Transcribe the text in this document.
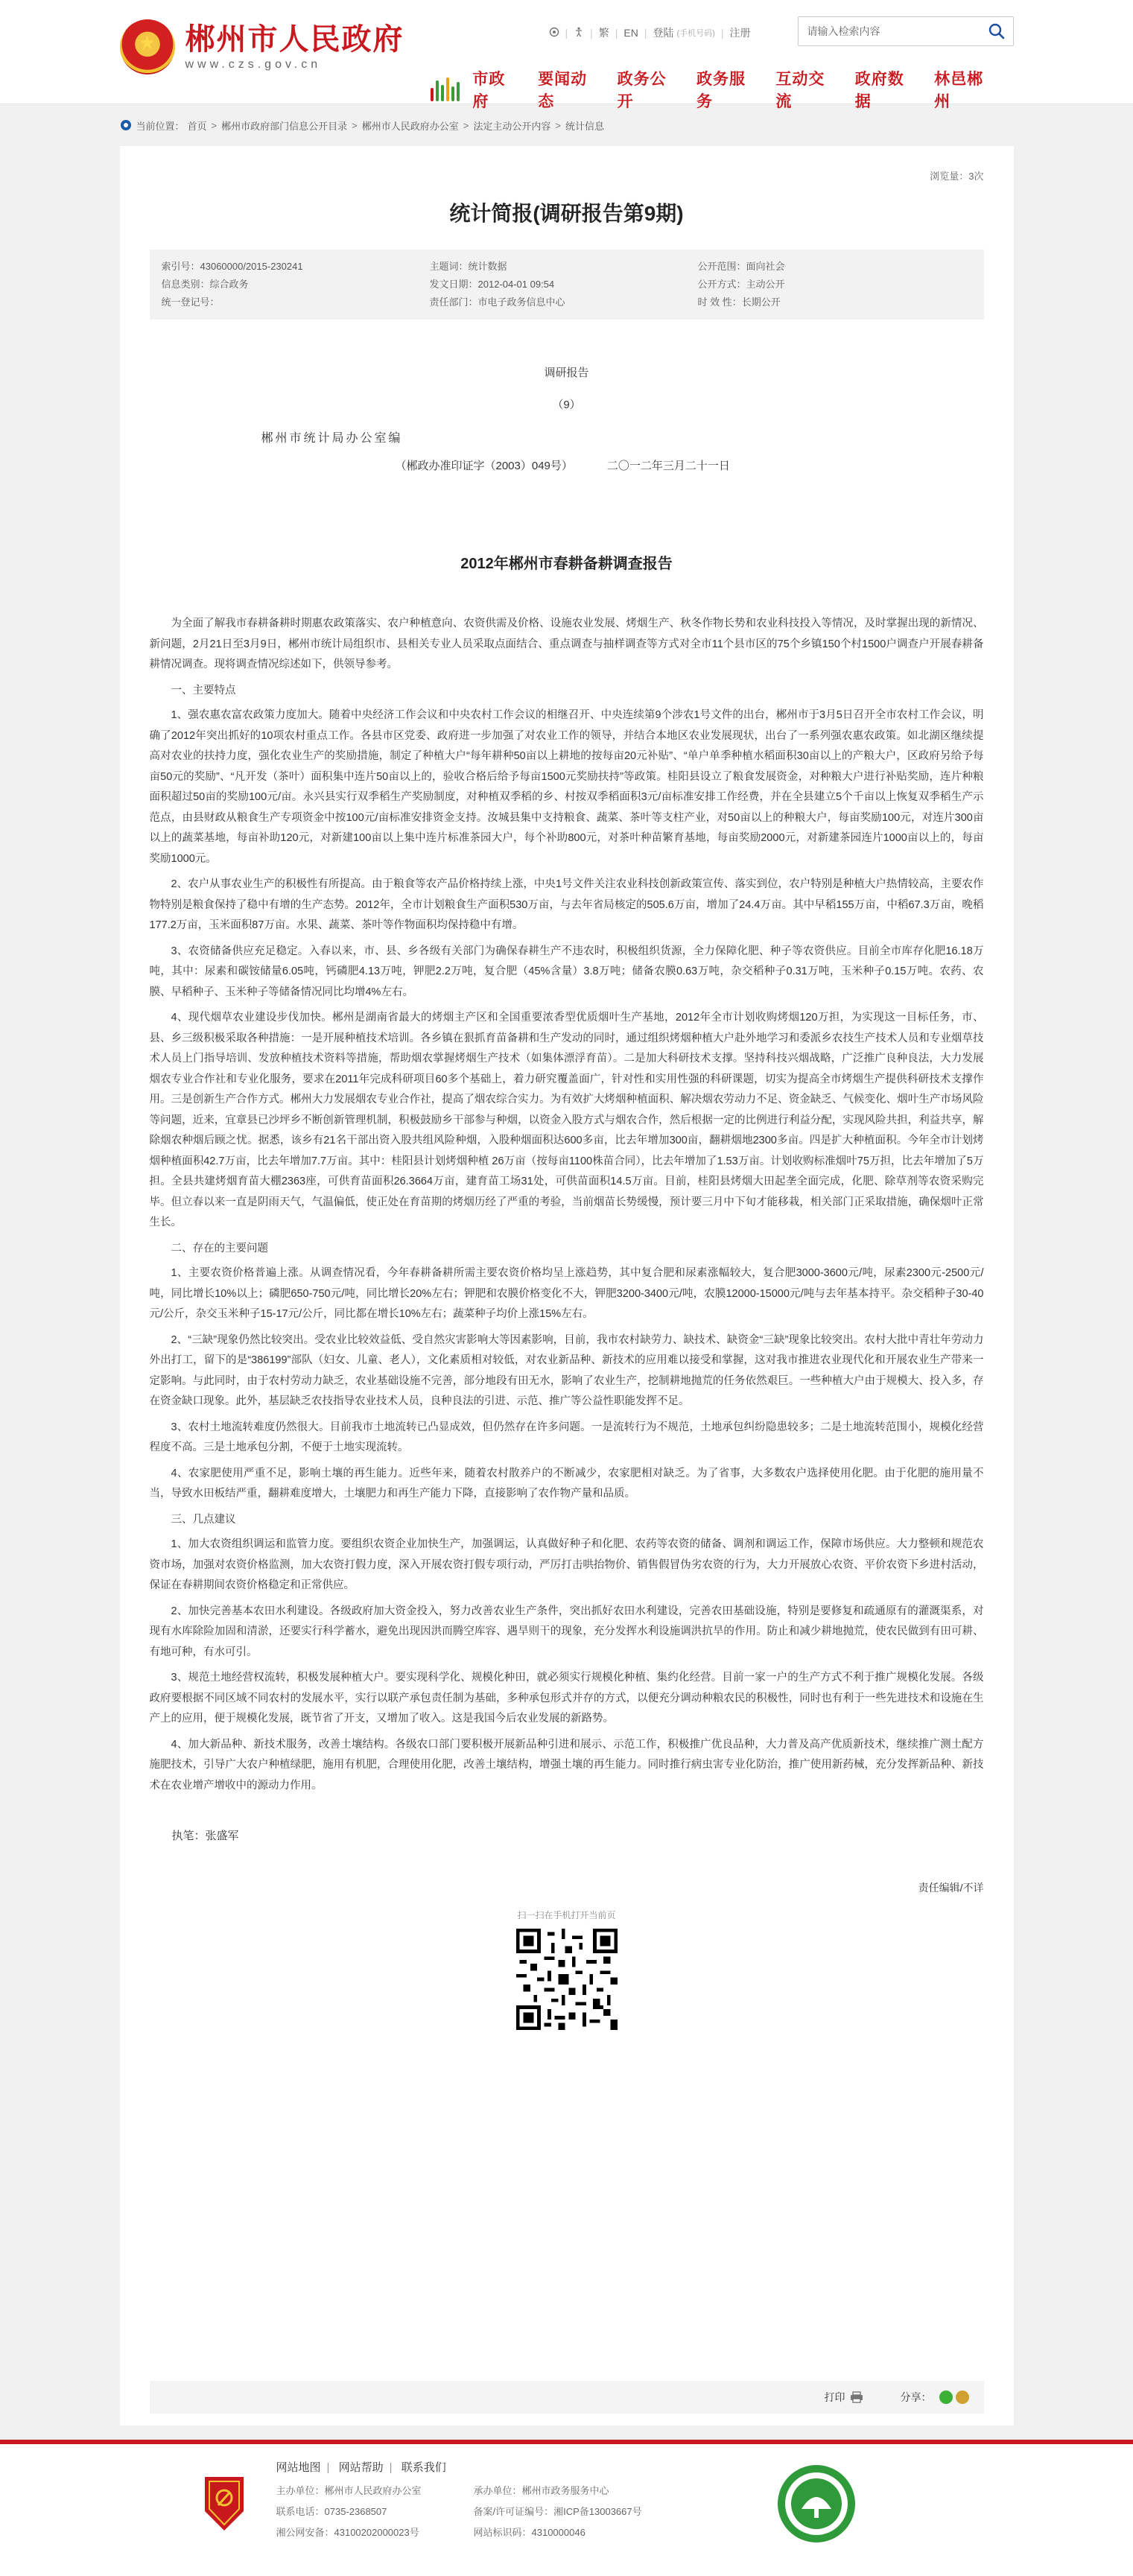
★
郴州市人民政府
www.czs.gov.cn
| | 繁 | EN | 登陆 (手机号码) | 注册
请输入检索内容
市政府
要闻动态
政务公开
政务服务
互动交流
政府数据
林邑郴州
当前位置： 首页 > 郴州市政府部门信息公开目录 > 郴州市人民政府办公室 > 法定主动公开内容 > 统计信息
浏览量：3次
统计简报(调研报告第9期)
索引号：43060000/2015-230241	主题词：统计数据	公开范围：面向社会
信息类别：综合政务	发文日期：2012-04-01 09:54	公开方式：主动公开
统一登记号：	责任部门：市电子政务信息中心	时 效 性：长期公开
调研报告
（9）
郴州市统计局办公室编
（郴政办准印证字（2003）049号）	二〇一二年三月二十一日
2012年郴州市春耕备耕调查报告

为全面了解我市春耕备耕时期惠农政策落实、农户种植意向、农资供需及价格、设施农业发展、烤烟生产、秋冬作物长势和农业科技投入等情况，及时掌握出现的新情况、新问题，2月21日至3月9日，郴州市统计局组织市、县相关专业人员采取点面结合、重点调查与抽样调查等方式对全市11个县市区的75个乡镇150个村1500户调查户开展春耕备耕情况调查。现将调查情况综述如下，供领导参考。

一、主要特点

1、强农惠农富农政策力度加大。随着中央经济工作会议和中央农村工作会议的相继召开、中央连续第9个涉农1号文件的出台，郴州市于3月5日召开全市农村工作会议，明确了2012年突出抓好的10项农村重点工作。各县市区党委、政府进一步加强了对农业工作的领导，并结合本地区农业发展现状，出台了一系列强农惠农政策。如北湖区继续提高对农业的扶持力度，强化农业生产的奖励措施，制定了种植大户“每年耕种50亩以上耕地的按每亩20元补贴”、“单户单季种植水稻面积30亩以上的产粮大户，区政府另给予每亩50元的奖励”、“凡开发（茶叶）面积集中连片50亩以上的，验收合格后给予每亩1500元奖励扶持”等政策。桂阳县设立了粮食发展资金，对种粮大户进行补贴奖励，连片种粮面积超过50亩的奖励100元/亩。永兴县实行双季稻生产奖励制度，对种植双季稻的乡、村按双季稻面积3元/亩标准安排工作经费，并在全县建立5个千亩以上恢复双季稻生产示范点，由县财政从粮食生产专项资金中按100元/亩标准安排资金支持。汝城县集中支持粮食、蔬菜、茶叶等支柱产业，对50亩以上的种粮大户，每亩奖励100元，对连片300亩以上的蔬菜基地，每亩补助120元，对新建100亩以上集中连片标准茶园大户，每个补助800元，对茶叶种苗繁育基地，每亩奖励2000元，对新建茶园连片1000亩以上的，每亩奖励1000元。

2、农户从事农业生产的积极性有所提高。由于粮食等农产品价格持续上涨，中央1号文件关注农业科技创新政策宣传、落实到位，农户特别是种植大户热情较高，主要农作物特别是粮食保持了稳中有增的生产态势。2012年，全市计划粮食生产面积530万亩，与去年省局核定的505.6万亩，增加了24.4万亩。其中早稻155万亩，中稻67.3万亩，晚稻177.2万亩，玉米面积87万亩。水果、蔬菜、茶叶等作物面积均保持稳中有增。

3、农资储备供应充足稳定。入春以来，市、县、乡各级有关部门为确保春耕生产不违农时，积极组织货源，全力保障化肥、种子等农资供应。目前全市库存化肥16.18万吨，其中：尿素和碳铵储量6.05吨，钙磷肥4.13万吨，钾肥2.2万吨，复合肥（45%含量）3.8万吨；储备农膜0.63万吨，杂交稻种子0.31万吨，玉米种子0.15万吨。农药、农膜、早稻种子、玉米种子等储备情况同比均增4%左右。

4、现代烟草农业建设步伐加快。郴州是湖南省最大的烤烟主产区和全国重要浓香型优质烟叶生产基地，2012年全市计划收购烤烟120万担，为实现这一目标任务，市、县、乡三级积极采取各种措施：一是开展种植技术培训。各乡镇在狠抓育苗备耕和生产发动的同时，通过组织烤烟种植大户赴外地学习和委派乡农技生产技术人员和专业烟草技术人员上门指导培训、发放种植技术资料等措施，帮助烟农掌握烤烟生产技术（如集体漂浮育苗）。二是加大科研技术支撑。坚持科技兴烟战略，广泛推广良种良法，大力发展烟农专业合作社和专业化服务，要求在2011年完成科研项目60多个基础上，着力研究覆盖面广，针对性和实用性强的科研课题，切实为提高全市烤烟生产提供科研技术支撑作用。三是创新生产合作方式。郴州大力发展烟农专业合作社，提高了烟农综合实力。为有效扩大烤烟种植面积、解决烟农劳动力不足、资金缺乏、气候变化、烟叶生产市场风险等问题，近来，宜章县已沙坪乡不断创新管理机制，积极鼓励乡干部参与种烟，以资金入股方式与烟农合作，然后根据一定的比例进行利益分配，实现风险共担，利益共享，解除烟农种烟后顾之忧。据悉，该乡有21名干部出资入股共组风险种烟，入股种烟面积达600多亩，比去年增加300亩，翻耕烟地2300多亩。四是扩大种植面积。今年全市计划烤烟种植面积42.7万亩，比去年增加7.7万亩。其中：桂阳县计划烤烟种植 26万亩（按每亩1100株苗合同），比去年增加了1.53万亩。计划收购标准烟叶75万担，比去年增加了5万担。全县共建烤烟育苗大棚2363座，可供育苗面积26.3664万亩，建育苗工场31处，可供苗面积14.5万亩。目前，桂阳县烤烟大田起垄全面完成，化肥、除草剂等农资采购完毕。但立春以来一直是阴雨天气，气温偏低，使正处在育苗期的烤烟历经了严重的考验，当前烟苗长势缓慢，预计要三月中下旬才能移栽，相关部门正采取措施，确保烟叶正常生长。

二、存在的主要问题

1、主要农资价格普遍上涨。从调查情况看，今年春耕备耕所需主要农资价格均呈上涨趋势，其中复合肥和尿素涨幅较大，复合肥3000-3600元/吨，尿素2300元-2500元/吨，同比增长10%以上；磷肥650-750元/吨，同比增长20%左右；钾肥和农膜价格变化不大，钾肥3200-3400元/吨，农膜12000-15000元/吨与去年基本持平。杂交稻种子30-40元/公斤，杂交玉米种子15-17元/公斤，同比都在增长10%左右；蔬菜种子均价上涨15%左右。

2、“三缺”现象仍然比较突出。受农业比较效益低、受自然灾害影响大等因素影响，目前，我市农村缺劳力、缺技术、缺资金“三缺”现象比较突出。农村大批中青壮年劳动力外出打工，留下的是“386199”部队（妇女、儿童、老人），文化素质相对较低，对农业新品种、新技术的应用难以接受和掌握，这对我市推进农业现代化和开展农业生产带来一定影响。与此同时，由于农村劳动力缺乏，农业基础设施不完善，部分地段有田无水，影响了农业生产，挖制耕地抛荒的任务依然艰巨。一些种植大户由于规模大、投入多，存在资金缺口现象。此外，基层缺乏农技指导农业技术人员，良种良法的引进、示范、推广等公益性职能发挥不足。

3、农村土地流转难度仍然很大。目前我市土地流转已凸显成效，但仍然存在许多问题。一是流转行为不规范，土地承包纠纷隐患较多；二是土地流转范围小，规模化经营程度不高。三是土地承包分割，不便于土地实现流转。

4、农家肥使用严重不足，影响土壤的再生能力。近些年来，随着农村散养户的不断减少，农家肥相对缺乏。为了省事，大多数农户选择使用化肥。由于化肥的施用量不当，导致水田板结严重，翻耕难度增大，土壤肥力和再生产能力下降，直接影响了农作物产量和品质。

三、几点建议

1、加大农资组织调运和监管力度。要组织农资企业加快生产，加强调运，认真做好种子和化肥、农药等农资的储备、调剂和调运工作，保障市场供应。大力整顿和规范农资市场，加强对农资价格监测，加大农资打假力度，深入开展农资打假专项行动，严厉打击哄抬物价、销售假冒伪劣农资的行为，大力开展放心农资、平价农资下乡进村活动，保证在春耕期间农资价格稳定和正常供应。

2、加快完善基本农田水利建设。各级政府加大资金投入，努力改善农业生产条件，突出抓好农田水利建设，完善农田基础设施，特别是要修复和疏通原有的灌溉渠系，对现有水库除险加固和清淤，还要实行科学蓄水，避免出现因洪而腾空库容、遇旱则干的现象，充分发挥水利设施调洪抗旱的作用。防止和减少耕地抛荒，使农民做到有田可耕、有地可种，有水可引。

3、规范土地经营权流转，积极发展种植大户。要实现科学化、规模化种田，就必须实行规模化种植、集约化经营。目前一家一户的生产方式不利于推广规模化发展。各级政府要根据不同区域不同农村的发展水平，实行以联产承包责任制为基础，多种承包形式并存的方式，以便充分调动种粮农民的积极性，同时也有利于一些先进技术和设施在生产上的应用，便于规模化发展，既节省了开支，又增加了收入。这是我国今后农业发展的新路势。

4、加大新品种、新技术服务，改善土壤结构。各级农口部门要积极开展新品种引进和展示、示范工作，积极推广优良品种，大力普及高产优质新技术，继续推广测土配方施肥技术，引导广大农户种植绿肥，施用有机肥，合理使用化肥，改善土壤结构，增强土壤的再生能力。同时推行病虫害专业化防治，推广使用新药械，充分发挥新品种、新技术在农业增产增收中的源动力作用。

执笔：张盛军
责任编辑/不详
扫一扫在手机打开当前页
打印	分享：
网站地图 | 网站帮助 | 联系我们
主办单位：郴州市人民政府办公室	承办单位：郴州市政务服务中心
联系电话：0735-2368507	备案/许可证编号：湘ICP备13003667号
湘公网安备：43100202000023号	网站标识码：4310000046
